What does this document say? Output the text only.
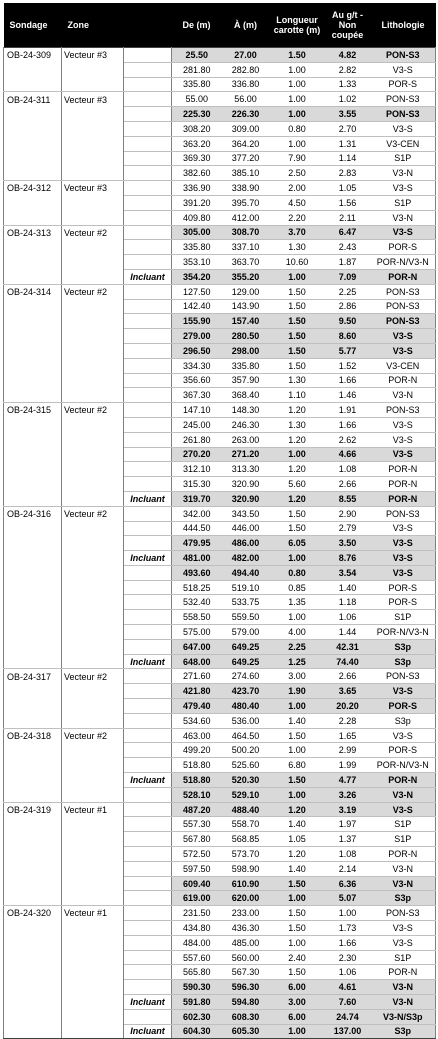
Sondage	Zone		De (m)	À (m)	Longueur carotte (m)	Au g/t - Non coupée	Lithologie
OB-24-309	Vecteur #3		25.50	27.00	1.50	4.82	PON-S3
			281.80	282.80	1.00	2.82	V3-S
			335.80	336.80	1.00	1.33	POR-S
OB-24-311	Vecteur #3		55.00	56.00	1.00	1.02	PON-S3
			225.30	226.30	1.00	3.55	PON-S3
			308.20	309.00	0.80	2.70	V3-S
			363.20	364.20	1.00	1.31	V3-CEN
			369.30	377.20	7.90	1.14	S1P
			382.60	385.10	2.50	2.83	V3-N
OB-24-312	Vecteur #3		336.90	338.90	2.00	1.05	V3-S
			391.20	395.70	4.50	1.56	S1P
			409.80	412.00	2.20	2.11	V3-N
OB-24-313	Vecteur #2		305.00	308.70	3.70	6.47	V3-S
			335.80	337.10	1.30	2.43	POR-S
			353.10	363.70	10.60	1.87	POR-N/V3-N
		Incluant	354.20	355.20	1.00	7.09	POR-N
OB-24-314	Vecteur #2		127.50	129.00	1.50	2.25	PON-S3
			142.40	143.90	1.50	2.86	PON-S3
			155.90	157.40	1.50	9.50	PON-S3
			279.00	280.50	1.50	8.60	V3-S
			296.50	298.00	1.50	5.77	V3-S
			334.30	335.80	1.50	1.52	V3-CEN
			356.60	357.90	1.30	1.66	POR-N
			367.30	368.40	1.10	1.46	V3-N
OB-24-315	Vecteur #2		147.10	148.30	1.20	1.91	PON-S3
			245.00	246.30	1.30	1.66	V3-S
			261.80	263.00	1.20	2.62	V3-S
			270.20	271.20	1.00	4.66	V3-S
			312.10	313.30	1.20	1.08	POR-N
			315.30	320.90	5.60	2.66	POR-N
		Incluant	319.70	320.90	1.20	8.55	POR-N
OB-24-316	Vecteur #2		342.00	343.50	1.50	2.90	PON-S3
			444.50	446.00	1.50	2.79	V3-S
			479.95	486.00	6.05	3.50	V3-S
		Incluant	481.00	482.00	1.00	8.76	V3-S
			493.60	494.40	0.80	3.54	V3-S
			518.25	519.10	0.85	1.40	POR-S
			532.40	533.75	1.35	1.18	POR-S
			558.50	559.50	1.00	1.06	S1P
			575.00	579.00	4.00	1.44	POR-N/V3-N
			647.00	649.25	2.25	42.31	S3p
		Incluant	648.00	649.25	1.25	74.40	S3p
OB-24-317	Vecteur #2		271.60	274.60	3.00	2.66	PON-S3
			421.80	423.70	1.90	3.65	V3-S
			479.40	480.40	1.00	20.20	POR-S
			534.60	536.00	1.40	2.28	S3p
OB-24-318	Vecteur #2		463.00	464.50	1.50	1.65	V3-S
			499.20	500.20	1.00	2.99	POR-S
			518.80	525.60	6.80	1.99	POR-N/V3-N
		Incluant	518.80	520.30	1.50	4.77	POR-N
			528.10	529.10	1.00	3.26	V3-N
OB-24-319	Vecteur #1		487.20	488.40	1.20	3.19	V3-S
			557.30	558.70	1.40	1.97	S1P
			567.80	568.85	1.05	1.37	S1P
			572.50	573.70	1.20	1.08	POR-N
			597.50	598.90	1.40	2.14	V3-N
			609.40	610.90	1.50	6.36	V3-N
			619.00	620.00	1.00	5.07	S3p
OB-24-320	Vecteur #1		231.50	233.00	1.50	1.00	PON-S3
			434.80	436.30	1.50	1.73	V3-S
			484.00	485.00	1.00	1.66	V3-S
			557.60	560.00	2.40	2.30	S1P
			565.80	567.30	1.50	1.06	POR-N
			590.30	596.30	6.00	4.61	V3-N
		Incluant	591.80	594.80	3.00	7.60	V3-N
			602.30	608.30	6.00	24.74	V3-N/S3p
		Incluant	604.30	605.30	1.00	137.00	S3p
